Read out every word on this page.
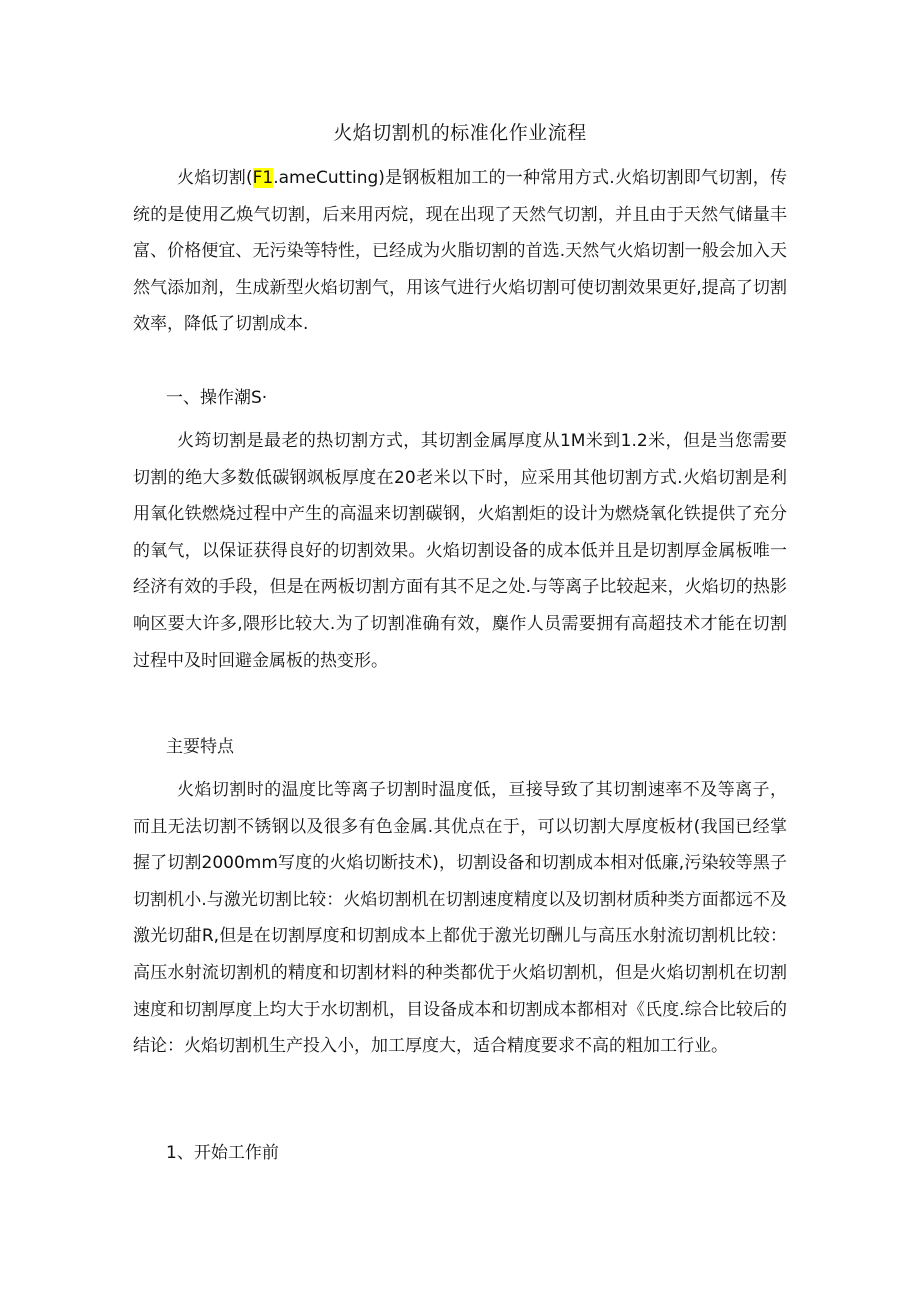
火焰切割机的标准化作业流程

火焰切割(F1.ameCutting)是钢板粗加工的一种常用方式.火焰切割即气切割，传统的是使用乙焕气切割，后来用丙烷，现在出现了天然气切割，并且由于天然气储量丰富、价格便宜、无污染等特性，已经成为火脂切割的首选.天然气火焰切割一般会加入天然气添加剂，生成新型火焰切割气，用该气进行火焰切割可使切割效果更好,提高了切割效率，降低了切割成本.

一、操作潮S·

火筠切割是最老的热切割方式，其切割金属厚度从1M米到1.2米，但是当您需要切割的绝大多数低碳钢飒板厚度在20老米以下时，应采用其他切割方式.火焰切割是利用氧化铁燃烧过程中产生的高温来切割碳钢，火焰割炬的设计为燃烧氧化铁提供了充分的氧气，以保证获得良好的切割效果。火焰切割设备的成本低并且是切割厚金属板唯一经济有效的手段，但是在两板切割方面有其不足之处.与等离子比较起来，火焰切的热影响区要大许多,隈形比较大.为了切割准确有效，麋作人员需要拥有高超技术才能在切割过程中及时回避金属板的热变形。

主要特点

火焰切割时的温度比等离子切割时温度低，亘接导致了其切割速率不及等离子，而且无法切割不锈钢以及很多有色金属.其优点在于，可以切割大厚度板材(我国已经掌握了切割2000mm写度的火焰切断技术)，切割设备和切割成本相对低廉,污染较等黑子切割机小.与激光切割比较：火焰切割机在切割速度精度以及切割材质种类方面都远不及激光切甜R,但是在切割厚度和切割成本上都优于激光切酬儿与高压水射流切割机比较：高压水射流切割机的精度和切割材料的种类都优于火焰切割机，但是火焰切割机在切割速度和切割厚度上均大于水切割机，目设备成本和切割成本都相对《氏度.综合比较后的结论：火焰切割机生产投入小，加工厚度大，适合精度要求不高的粗加工行业。

1、开始工作前
